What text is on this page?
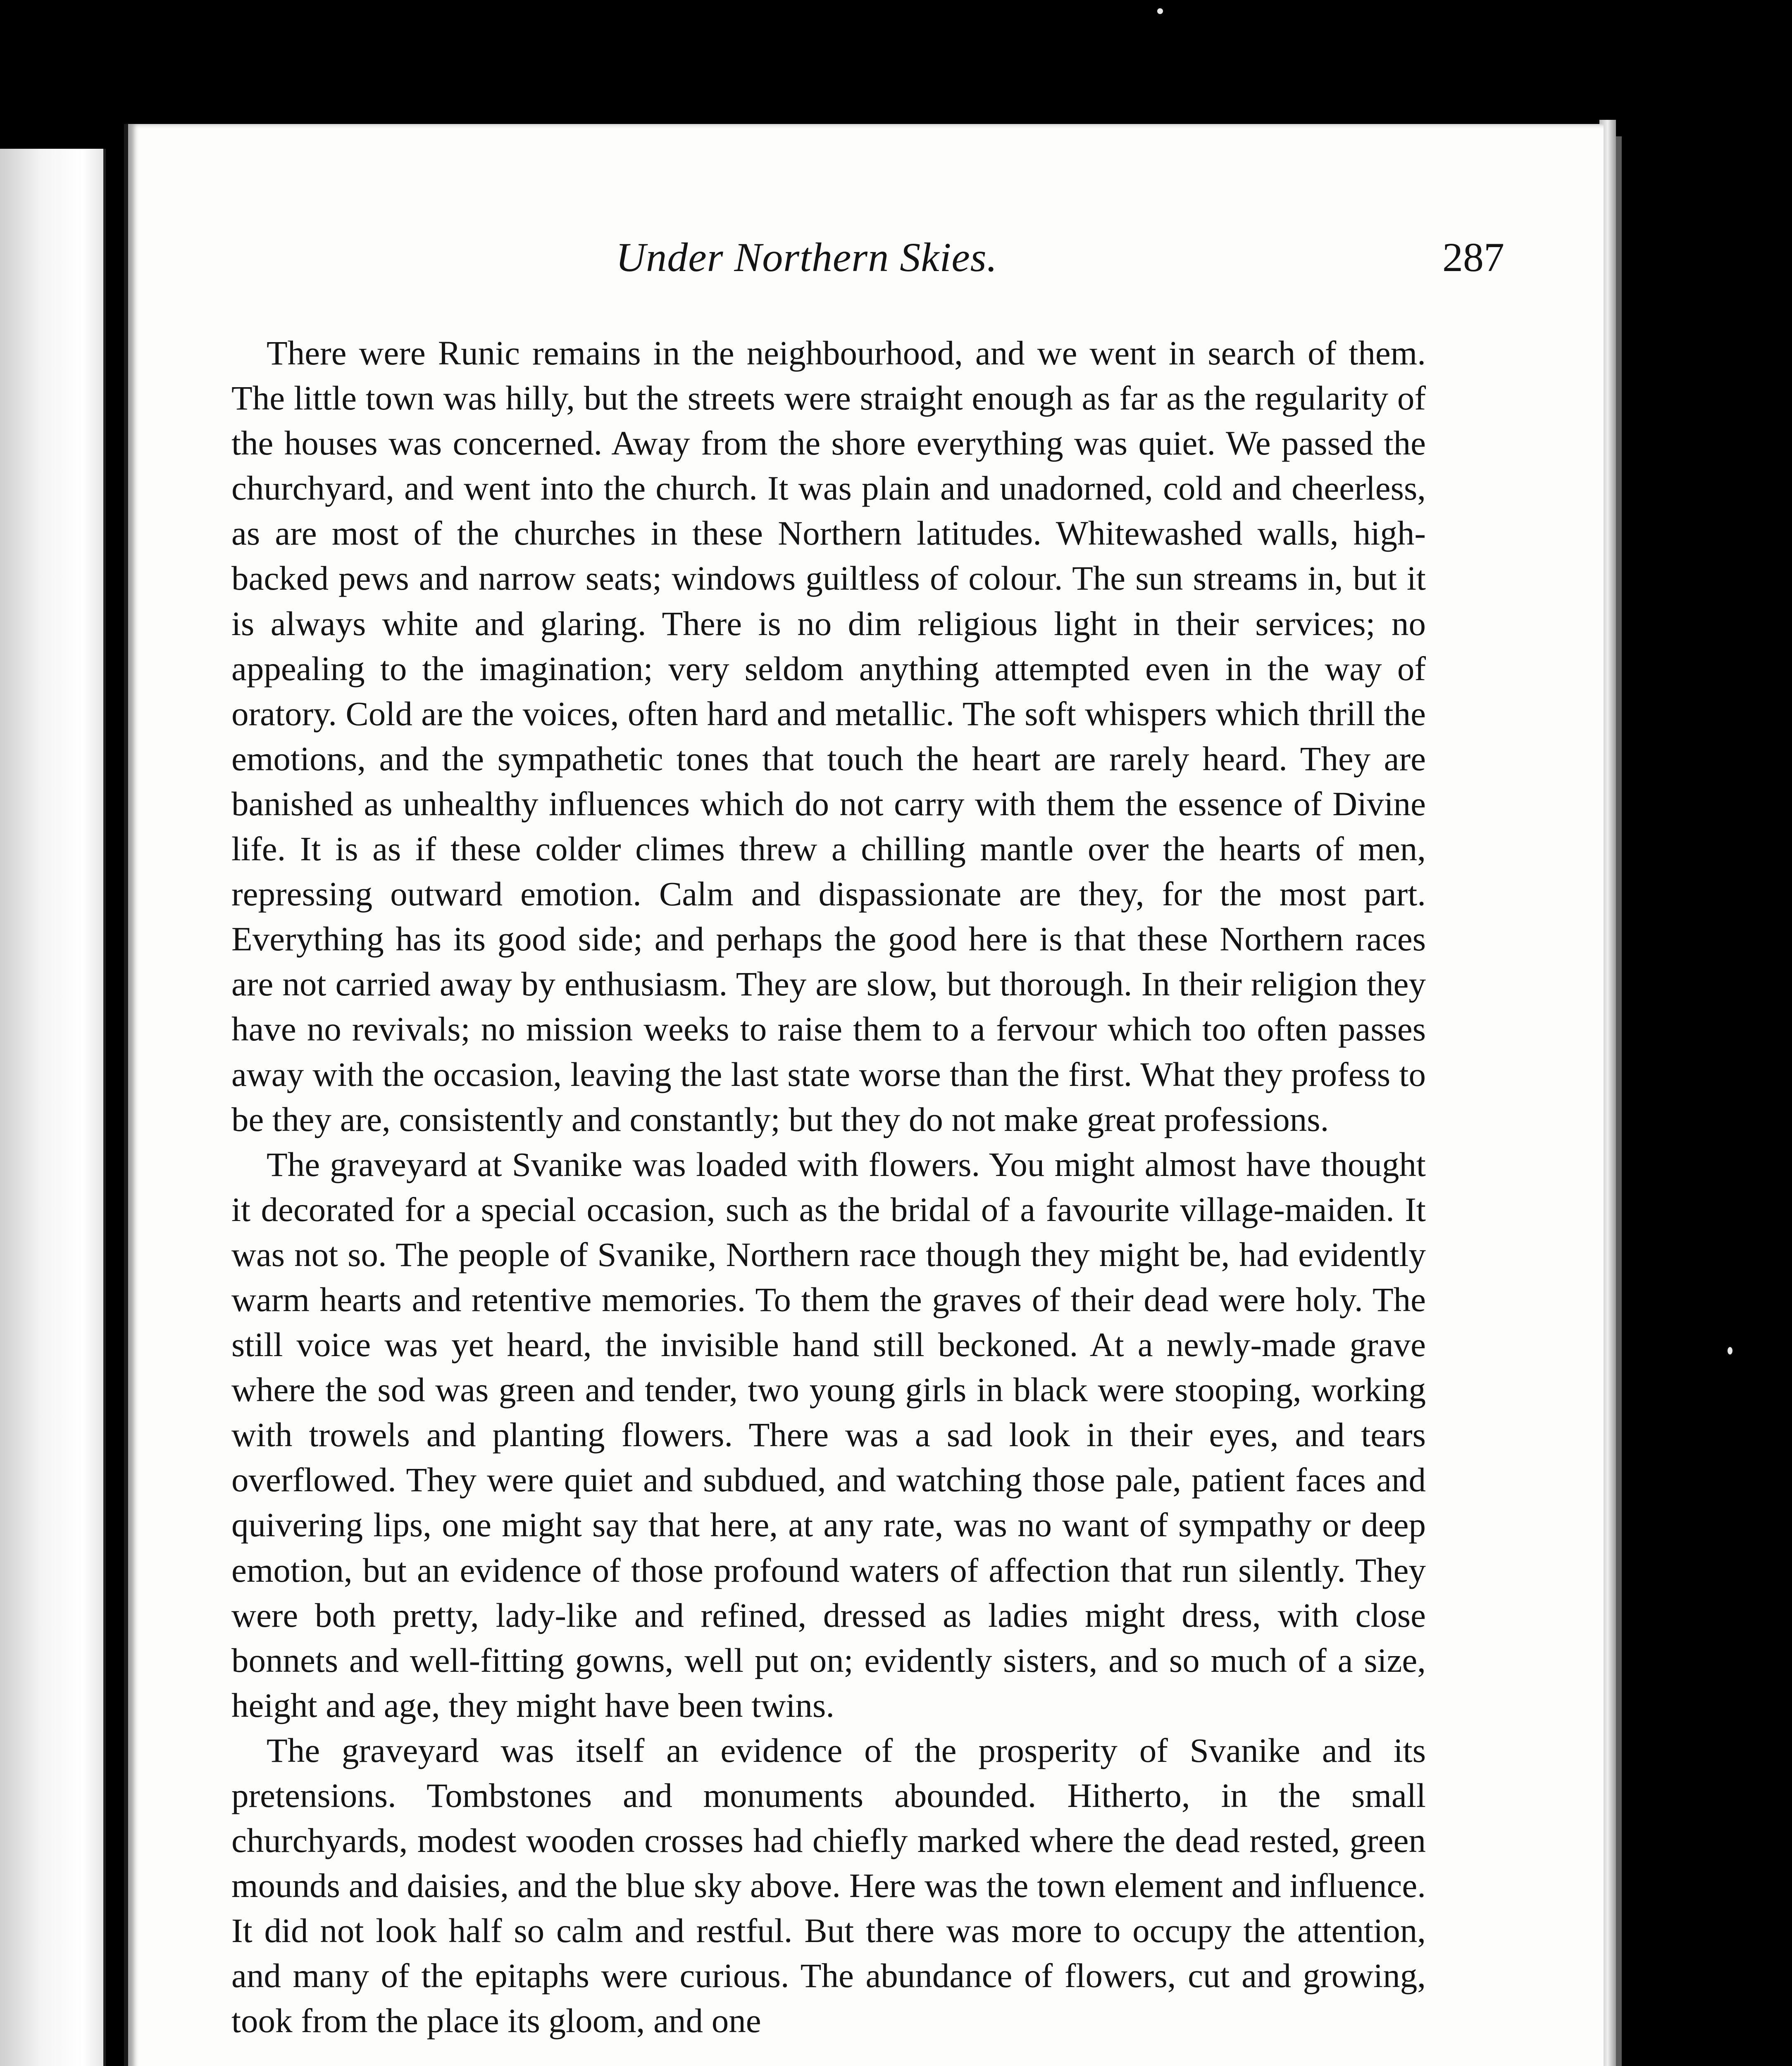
Under Northern Skies.	287

There were Runic remains in the neighbourhood, and we went in search of them. The little town was hilly, but the streets were straight enough as far as the regularity of the houses was concerned. Away from the shore everything was quiet. We passed the churchyard, and went into the church. It was plain and unadorned, cold and cheerless, as are most of the churches in these Northern latitudes. Whitewashed walls, high-backed pews and narrow seats; windows guiltless of colour. The sun streams in, but it is always white and glaring. There is no dim religious light in their services; no appealing to the imagination; very seldom anything attempted even in the way of oratory. Cold are the voices, often hard and metallic. The soft whispers which thrill the emotions, and the sympathetic tones that touch the heart are rarely heard. They are banished as unhealthy influences which do not carry with them the essence of Divine life. It is as if these colder climes threw a chilling mantle over the hearts of men, repressing outward emotion. Calm and dispassionate are they, for the most part. Everything has its good side; and perhaps the good here is that these Northern races are not carried away by enthusiasm. They are slow, but thorough. In their religion they have no revivals; no mission weeks to raise them to a fervour which too often passes away with the occasion, leaving the last state worse than the first. What they profess to be they are, consistently and constantly; but they do not make great professions.

The graveyard at Svanike was loaded with flowers. You might almost have thought it decorated for a special occasion, such as the bridal of a favourite village-maiden. It was not so. The people of Svanike, Northern race though they might be, had evidently warm hearts and retentive memories. To them the graves of their dead were holy. The still voice was yet heard, the invisible hand still beckoned. At a newly-made grave where the sod was green and tender, two young girls in black were stooping, working with trowels and planting flowers. There was a sad look in their eyes, and tears overflowed. They were quiet and subdued, and watching those pale, patient faces and quivering lips, one might say that here, at any rate, was no want of sympathy or deep emotion, but an evidence of those profound waters of affection that run silently. They were both pretty, lady-like and refined, dressed as ladies might dress, with close bonnets and well-fitting gowns, well put on; evidently sisters, and so much of a size, height and age, they might have been twins.

The graveyard was itself an evidence of the prosperity of Svanike and its pretensions. Tombstones and monuments abounded. Hitherto, in the small churchyards, modest wooden crosses had chiefly marked where the dead rested, green mounds and daisies, and the blue sky above. Here was the town element and influence. It did not look half so calm and restful. But there was more to occupy the attention, and many of the epitaphs were curious. The abundance of flowers, cut and growing, took from the place its gloom, and one
